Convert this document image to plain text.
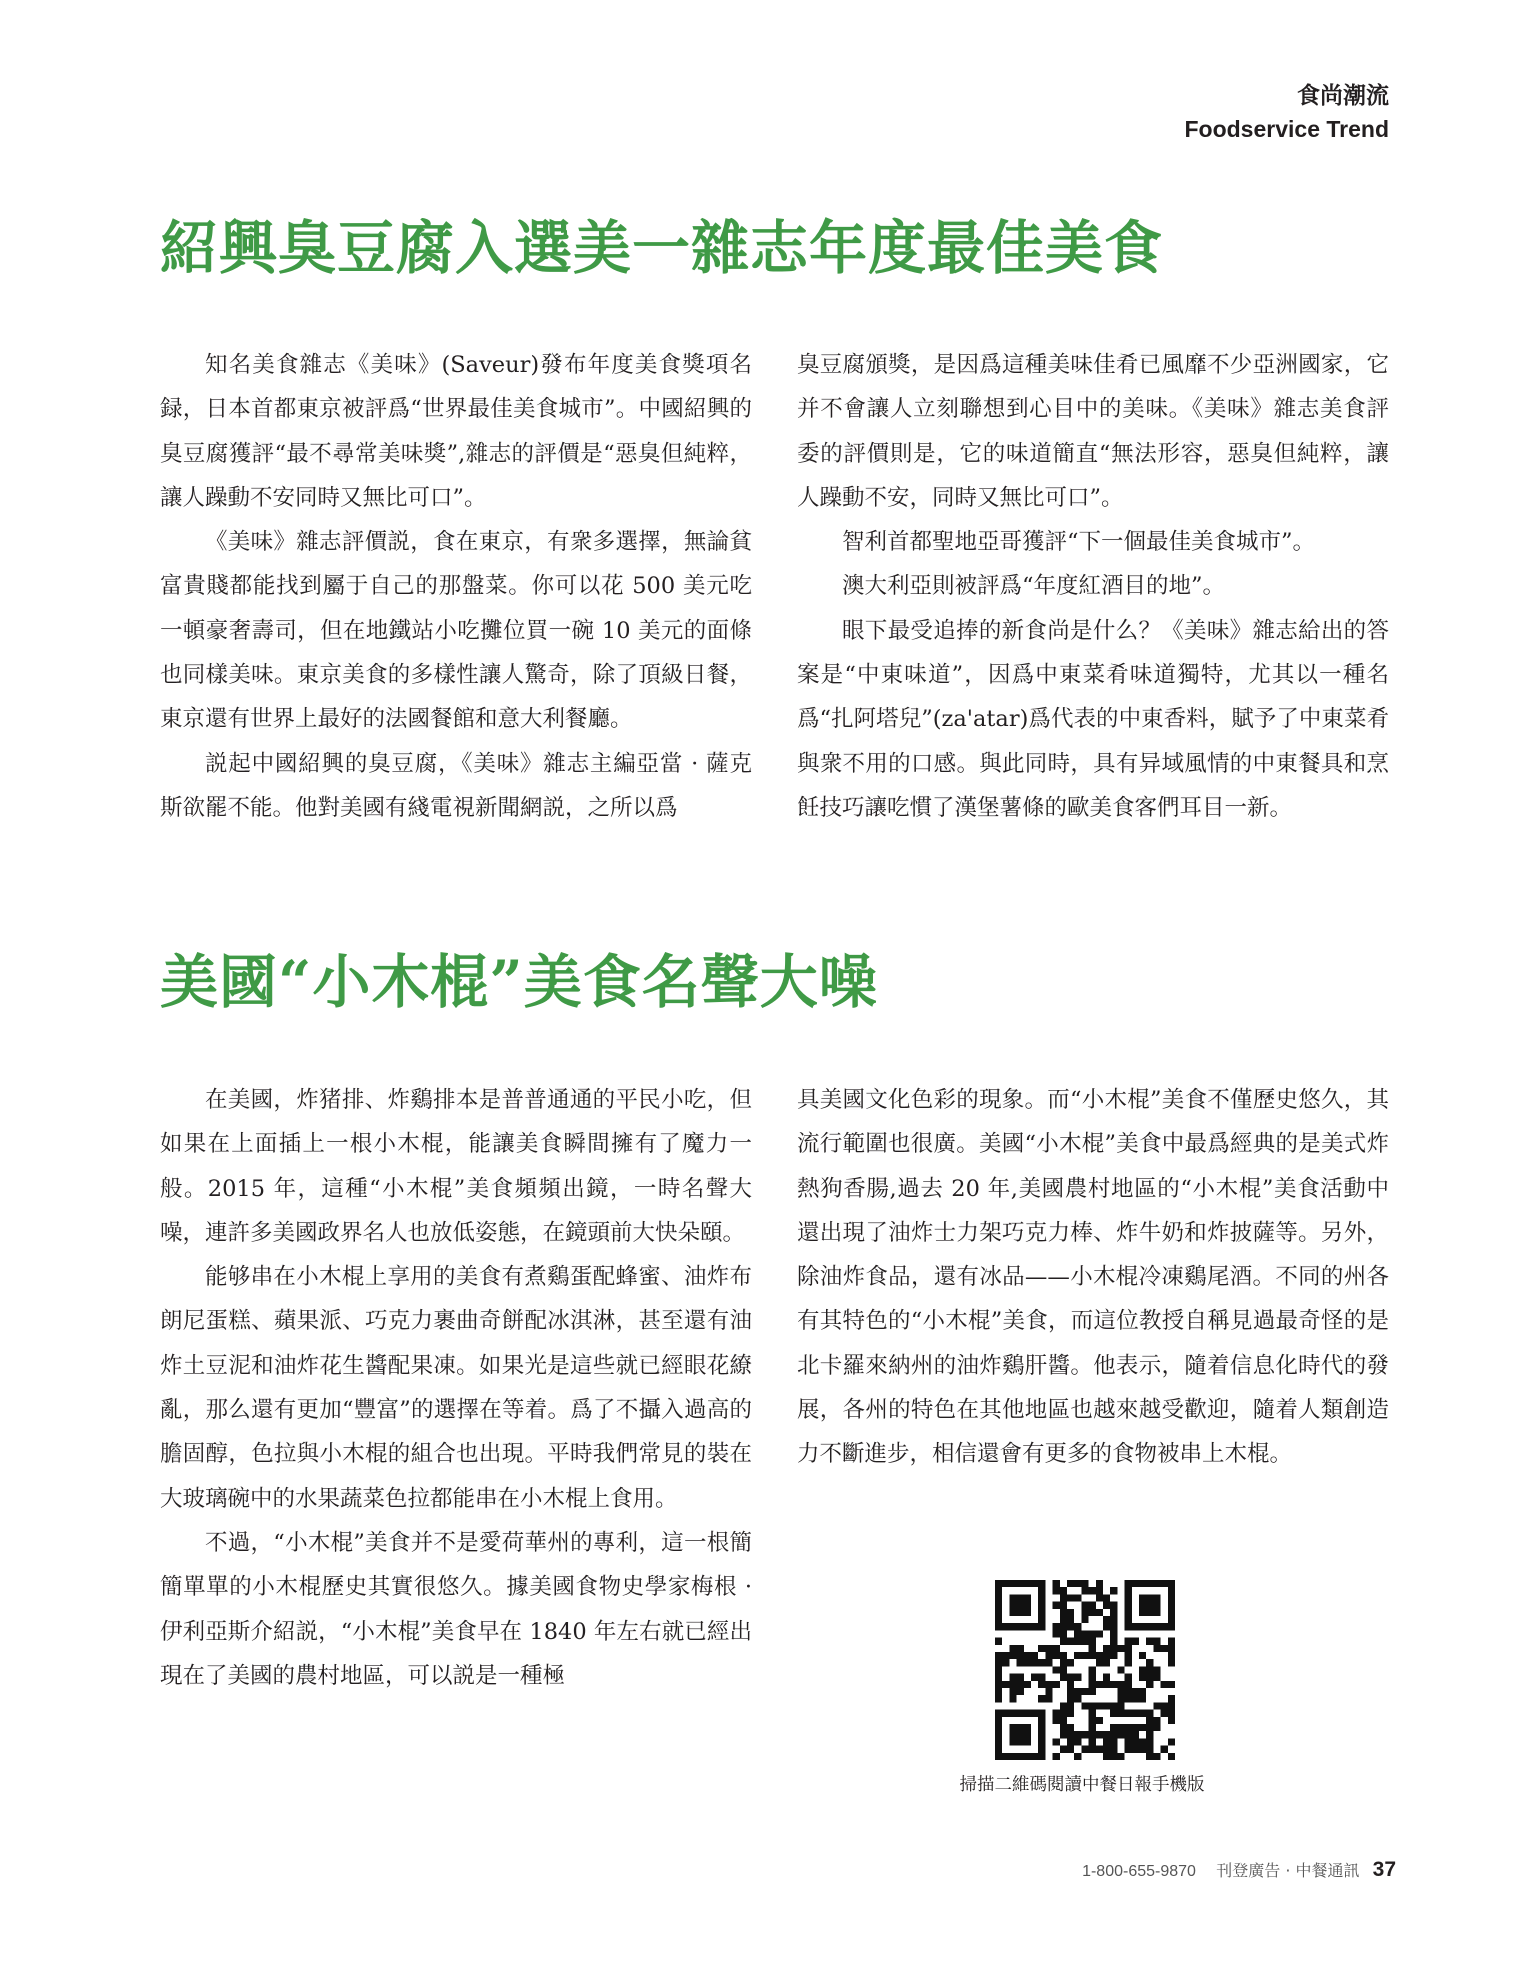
食尚潮流
Foodservice Trend
紹興臭豆腐入選美一雜志年度最佳美食

知名美食雜志《美味》(Saveur)發布年度美食獎項名録，日本首都東京被評爲“世界最佳美食城市”。中國紹興的臭豆腐獲評“最不尋常美味獎”,雜志的評價是“惡臭但純粹，讓人躁動不安同時又無比可口”。

《美味》雜志評價説，食在東京，有衆多選擇，無論貧富貴賤都能找到屬于自己的那盤菜。你可以花 500 美元吃一頓豪奢壽司，但在地鐵站小吃攤位買一碗 10 美元的面條也同樣美味。東京美食的多樣性讓人驚奇，除了頂級日餐，東京還有世界上最好的法國餐館和意大利餐廳。

説起中國紹興的臭豆腐，《美味》雜志主編亞當 · 薩克斯欲罷不能。他對美國有綫電視新聞網説，之所以爲

臭豆腐頒獎，是因爲這種美味佳肴已風靡不少亞洲國家，它并不會讓人立刻聯想到心目中的美味。《美味》雜志美食評委的評價則是，它的味道簡直“無法形容，惡臭但純粹，讓人躁動不安，同時又無比可口”。

智利首都聖地亞哥獲評“下一個最佳美食城市”。

澳大利亞則被評爲“年度紅酒目的地”。

眼下最受追捧的新食尚是什么？《美味》雜志給出的答案是“中東味道”，因爲中東菜肴味道獨特，尤其以一種名爲“扎阿塔兒”(za'atar)爲代表的中東香料，賦予了中東菜肴與衆不用的口感。與此同時，具有异域風情的中東餐具和烹飪技巧讓吃慣了漢堡薯條的歐美食客們耳目一新。

美國“小木棍”美食名聲大噪

在美國，炸猪排、炸鷄排本是普普通通的平民小吃，但如果在上面插上一根小木棍，能讓美食瞬間擁有了魔力一般。2015 年，這種“小木棍”美食頻頻出鏡，一時名聲大噪，連許多美國政界名人也放低姿態，在鏡頭前大快朵頤。

能够串在小木棍上享用的美食有煮鷄蛋配蜂蜜、油炸布朗尼蛋糕、蘋果派、巧克力裹曲奇餅配冰淇淋，甚至還有油炸土豆泥和油炸花生醬配果凍。如果光是這些就已經眼花繚亂，那么還有更加“豐富”的選擇在等着。爲了不攝入過高的膽固醇，色拉與小木棍的組合也出現。平時我們常見的裝在大玻璃碗中的水果蔬菜色拉都能串在小木棍上食用。

不過，“小木棍”美食并不是愛荷華州的專利，這一根簡簡單單的小木棍歷史其實很悠久。據美國食物史學家梅根 · 伊利亞斯介紹説，“小木棍”美食早在 1840 年左右就已經出現在了美國的農村地區，可以説是一種極

具美國文化色彩的現象。而“小木棍”美食不僅歷史悠久，其流行範圍也很廣。美國“小木棍”美食中最爲經典的是美式炸熱狗香腸,過去 20 年,美國農村地區的“小木棍”美食活動中還出現了油炸士力架巧克力棒、炸牛奶和炸披薩等。另外，除油炸食品，還有冰品——小木棍冷凍鷄尾酒。不同的州各有其特色的“小木棍”美食，而這位教授自稱見過最奇怪的是北卡羅來納州的油炸鷄肝醬。他表示，隨着信息化時代的發展，各州的特色在其他地區也越來越受歡迎，隨着人類創造力不斷進步，相信還會有更多的食物被串上木棍。

掃描二維碼閱讀中餐日報手機版
1-800-655-9870 刊登廣告 · 中餐通訊 37
